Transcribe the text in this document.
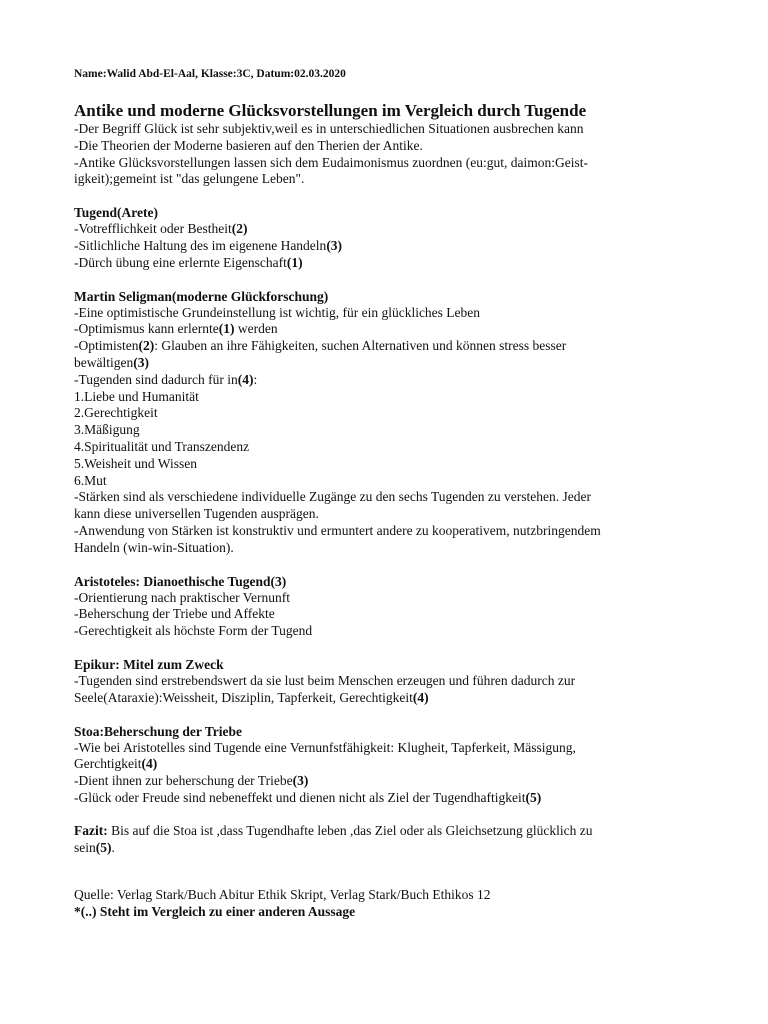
Name:Walid Abd-El-Aal, Klasse:3C, Datum:02.03.2020
Antike und moderne Glücksvorstellungen im Vergleich durch Tugende
-Der Begriff Glück ist sehr subjektiv,weil es in unterschiedlichen Situationen ausbrechen kann
-Die Theorien der Moderne basieren auf den Therien der Antike.
-Antike Glücksvorstellungen lassen sich dem Eudaimonismus zuordnen (eu:gut, daimon:Geist-
igkeit);gemeint ist "das gelungene Leben".
Tugend(Arete)
-Votrefflichkeit oder Bestheit(2)
-Sitlichliche Haltung des im eigenene Handeln(3)
-Dürch übung eine erlernte Eigenschaft(1)
Martin Seligman(moderne Glückforschung)
-Eine optimistische Grundeinstellung ist wichtig, für ein glückliches Leben
-Optimismus kann erlernte(1) werden
-Optimisten(2): Glauben an ihre Fähigkeiten, suchen Alternativen und können stress besser
bewältigen(3)
-Tugenden sind dadurch für in(4):
1.Liebe und Humanität
2.Gerechtigkeit
3.Mäßigung
4.Spiritualität und Transzendenz
5.Weisheit und Wissen
6.Mut
-Stärken sind als verschiedene individuelle Zugänge zu den sechs Tugenden zu verstehen. Jeder
kann diese universellen Tugenden ausprägen.
-Anwendung von Stärken ist konstruktiv und ermuntert andere zu kooperativem, nutzbringendem
Handeln (win-win-Situation).
Aristoteles: Dianoethische Tugend(3)
-Orientierung nach praktischer Vernunft
-Beherschung der Triebe und Affekte
-Gerechtigkeit als höchste Form der Tugend
Epikur: Mitel zum Zweck
-Tugenden sind erstrebendswert da sie lust beim Menschen erzeugen und führen dadurch zur
Seele(Ataraxie):Weissheit, Disziplin, Tapferkeit, Gerechtigkeit(4)
Stoa:Beherschung der Triebe
-Wie bei Aristotelles sind Tugende eine Vernunfstfähigkeit: Klugheit, Tapferkeit, Mässigung,
Gerchtigkeit(4)
-Dient ihnen zur beherschung der Triebe(3)
-Glück oder Freude sind nebeneffekt und dienen nicht als Ziel der Tugendhaftigkeit(5)
Fazit: Bis auf die Stoa ist ,dass Tugendhafte leben ,das Ziel oder als Gleichsetzung glücklich zu
sein(5).
Quelle: Verlag Stark/Buch Abitur Ethik Skript, Verlag Stark/Buch Ethikos 12
*(..) Steht im Vergleich zu einer anderen Aussage
